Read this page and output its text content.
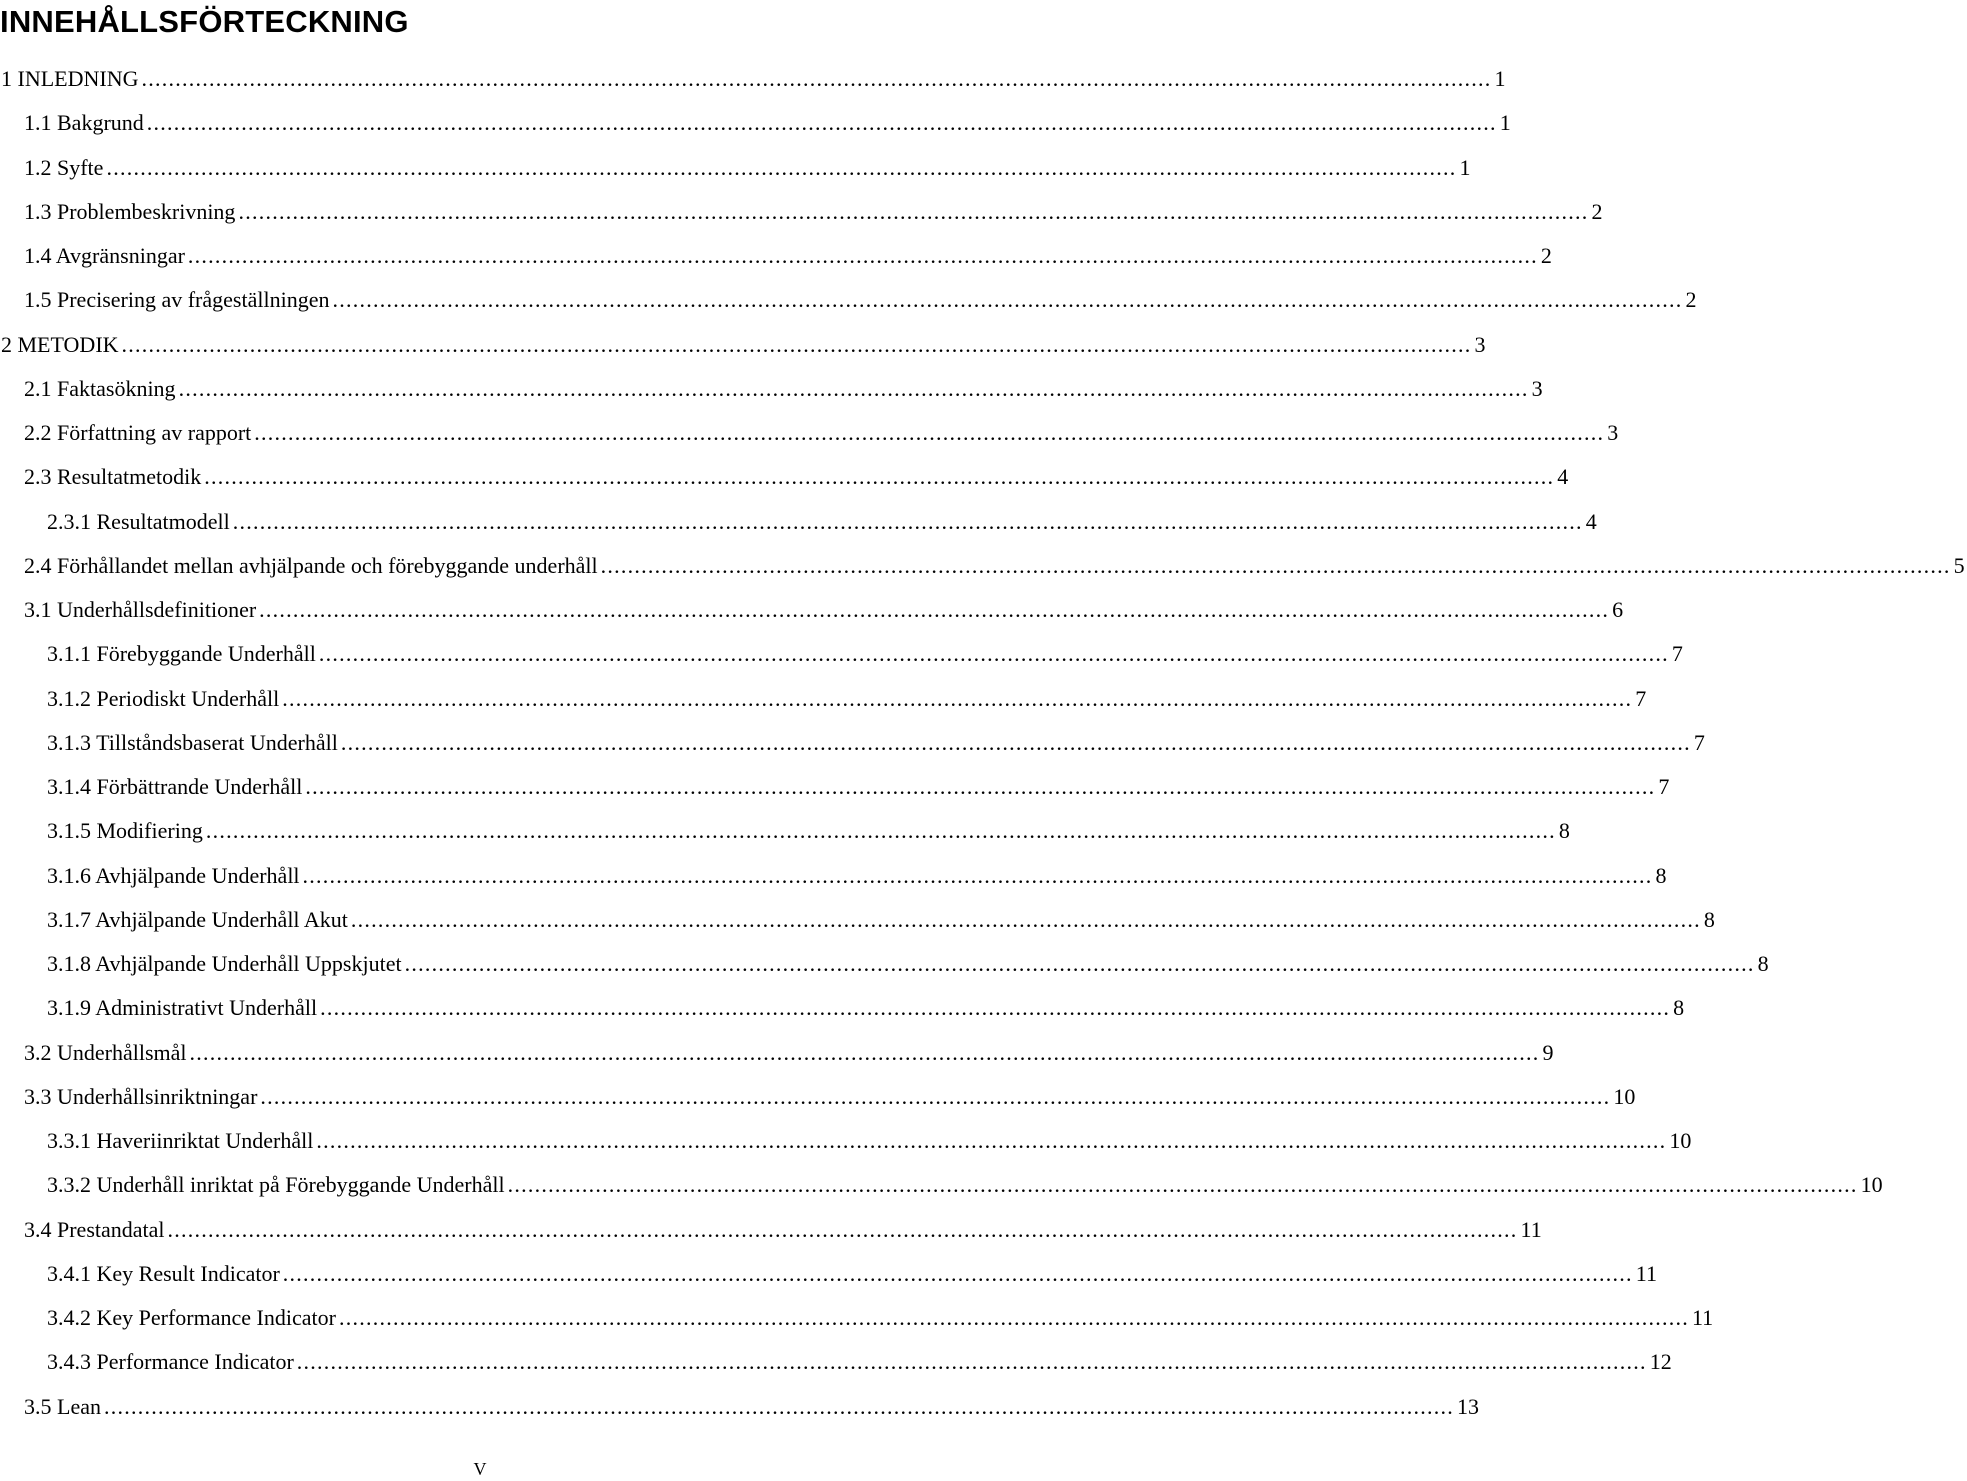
INNEHÅLLSFÖRTECKNING
1 INLEDNING ........................................................................................................................................................................................................ 1
1.1 Bakgrund ........................................................................................................................................................................................................ 1
1.2 Syfte ........................................................................................................................................................................................................ 1
1.3 Problembeskrivning ........................................................................................................................................................................................................ 2
1.4 Avgränsningar ........................................................................................................................................................................................................ 2
1.5 Precisering av frågeställningen ........................................................................................................................................................................................................ 2
2 METODIK ........................................................................................................................................................................................................ 3
2.1 Faktasökning ........................................................................................................................................................................................................ 3
2.2 Författning av rapport ........................................................................................................................................................................................................ 3
2.3 Resultatmetodik ........................................................................................................................................................................................................ 4
2.3.1 Resultatmodell ........................................................................................................................................................................................................ 4
2.4 Förhållandet mellan avhjälpande och förebyggande underhåll ........................................................................................................................................................................................................ 5
3.1 Underhållsdefinitioner ........................................................................................................................................................................................................ 6
3.1.1 Förebyggande Underhåll ........................................................................................................................................................................................................ 7
3.1.2 Periodiskt Underhåll ........................................................................................................................................................................................................ 7
3.1.3 Tillståndsbaserat Underhåll ........................................................................................................................................................................................................ 7
3.1.4 Förbättrande Underhåll ........................................................................................................................................................................................................ 7
3.1.5 Modifiering ........................................................................................................................................................................................................ 8
3.1.6 Avhjälpande Underhåll ........................................................................................................................................................................................................ 8
3.1.7 Avhjälpande Underhåll Akut ........................................................................................................................................................................................................ 8
3.1.8 Avhjälpande Underhåll Uppskjutet ........................................................................................................................................................................................................ 8
3.1.9 Administrativt Underhåll ........................................................................................................................................................................................................ 8
3.2 Underhållsmål ........................................................................................................................................................................................................ 9
3.3 Underhållsinriktningar ........................................................................................................................................................................................................ 10
3.3.1 Haveriinriktat Underhåll ........................................................................................................................................................................................................ 10
3.3.2 Underhåll inriktat på Förebyggande Underhåll ........................................................................................................................................................................................................ 10
3.4 Prestandatal ........................................................................................................................................................................................................ 11
3.4.1 Key Result Indicator ........................................................................................................................................................................................................ 11
3.4.2 Key Performance Indicator ........................................................................................................................................................................................................ 11
3.4.3 Performance Indicator ........................................................................................................................................................................................................ 12
3.5 Lean ........................................................................................................................................................................................................ 13
V
